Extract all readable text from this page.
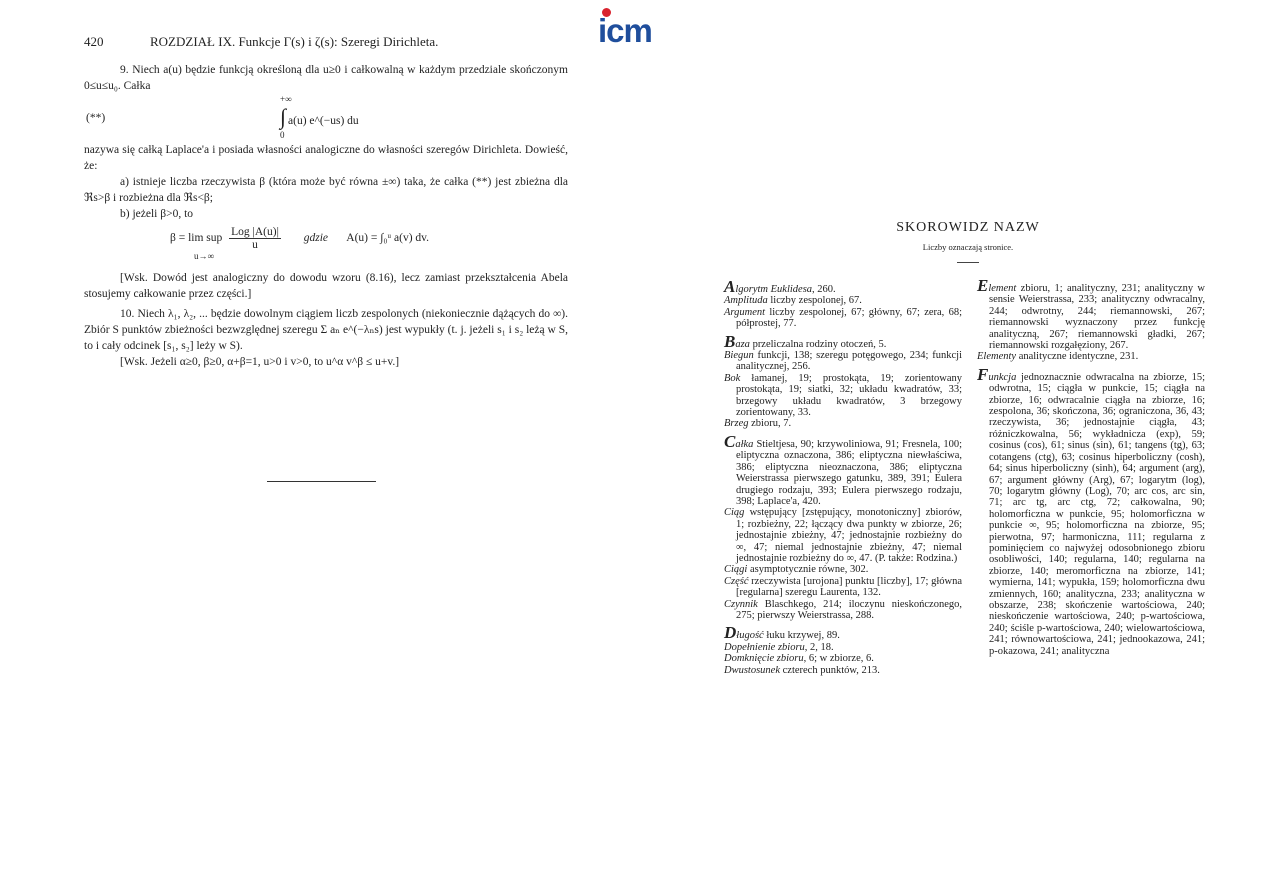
icm
420	ROZDZIAŁ IX. Funkcje Γ(s) i ζ(s): Szeregi Dirichleta.

9. Niech a(u) będzie funkcją określoną dla u≥0 i całkowalną w każdym przedziale skończonym 0≤u≤u₀. Całka

(**)
+∞
∫ a(u) e^(−us) du
0

nazywa się całką Laplace'a i posiada własności analogiczne do własności szeregów Dirichleta. Dowieść, że:

a) istnieje liczba rzeczywista β (która może być równa ±∞) taka, że całka (**) jest zbieżna dla ℜs>β i rozbieżna dla ℜs<β;

b) jeżeli β>0, to

β = lim sup $\frac{\text{Log |A(u)|}}{u}$ gdzie A(u) = ∫₀ᵘ a(v) dv.
u→∞

[Wsk. Dowód jest analogiczny do dowodu wzoru (8.16), lecz zamiast przekształcenia Abela stosujemy całkowanie przez części.]

10. Niech λ₁, λ₂, ... będzie dowolnym ciągiem liczb zespolonych (niekoniecznie dążących do ∞). Zbiór S punktów zbieżności bezwzględnej szeregu Σ aₙ e^(−λₙs) jest wypukły (t. j. jeżeli s₁ i s₂ leżą w S, to i cały odcinek [s₁, s₂] leży w S).

[Wsk. Jeżeli α≥0, β≥0, α+β=1, u>0 i v>0, to u^α v^β ≤ u+v.]

SKOROWIDZ NAZW
Liczby oznaczają stronice.
Algorytm Euklidesa, 260.
Amplituda liczby zespolonej, 67.
Argument liczby zespolonej, 67; główny, 67; zera, 68; półprostej, 77.
Baza przeliczalna rodziny otoczeń, 5.
Biegun funkcji, 138; szeregu potęgowego, 234; funkcji analitycznej, 256.
Bok łamanej, 19; prostokąta, 19; zorientowany prostokąta, 19; siatki, 32; układu kwadratów, 33; brzegowy układu kwadratów, 3 brzegowy zorientowany, 33.
Brzeg zbioru, 7.
Całka Stieltjesa, 90; krzywoliniowa, 91; Fresnela, 100; eliptyczna oznaczona, 386; eliptyczna niewłaściwa, 386; eliptyczna nieoznaczona, 386; eliptyczna Weierstrassa pierwszego gatunku, 389, 391; Eulera drugiego rodzaju, 393; Eulera pierwszego rodzaju, 398; Laplace'a, 420.
Ciąg wstępujący [zstępujący, monotoniczny] zbiorów, 1; rozbieżny, 22; łączący dwa punkty w zbiorze, 26; jednostajnie zbieżny, 47; jednostajnie rozbieżny do ∞, 47; niemal jednostajnie zbieżny, 47; niemal jednostajnie rozbieżny do ∞, 47. (P. także: Rodzina.)
Ciągi asymptotycznie równe, 302.
Część rzeczywista [urojona] punktu [liczby], 17; główna [regularna] szeregu Laurenta, 132.
Czynnik Blaschkego, 214; iloczynu nieskończonego, 275; pierwszy Weierstrassa, 288.
Długość łuku krzywej, 89.
Dopełnienie zbioru, 2, 18.
Domknięcie zbioru, 6; w zbiorze, 6.
Dwustosunek czterech punktów, 213.
Element zbioru, 1; analityczny, 231; analityczny w sensie Weierstrassa, 233; analityczny odwracalny, 244; odwrotny, 244; riemannowski, 267; riemannowski wyznaczony przez funkcję analityczną, 267; riemannowski gładki, 267; riemannowski rozgałęziony, 267.
Elementy analityczne identyczne, 231.
Funkcja jednoznacznie odwracalna na zbiorze, 15; odwrotna, 15; ciągła w punkcie, 15; ciągła na zbiorze, 16; odwracalnie ciągła na zbiorze, 16; zespolona, 36; skończona, 36; ograniczona, 36, 43; rzeczywista, 36; jednostajnie ciągła, 43; różniczkowalna, 56; wykładnicza (exp), 59; cosinus (cos), 61; sinus (sin), 61; tangens (tg), 63; cotangens (ctg), 63; cosinus hiperboliczny (cosh), 64; sinus hiperboliczny (sinh), 64; argument (arg), 67; argument główny (Arg), 67; logarytm (log), 70; logarytm główny (Log), 70; arc cos, arc sin, 71; arc tg, arc ctg, 72; całkowalna, 90; holomorficzna w punkcie, 95; holomorficzna w punkcie ∞, 95; holomorficzna na zbiorze, 95; pierwotna, 97; harmoniczna, 111; regularna z pominięciem co najwyżej odosobnionego zbioru osobliwości, 140; regularna, 140; regularna na zbiorze, 140; meromorficzna na zbiorze, 141; wymierna, 141; wypukła, 159; holomorficzna dwu zmiennych, 160; analityczna, 233; analityczna w obszarze, 238; skończenie wartościowa, 240; nieskończenie wartościowa, 240; p-wartościowa, 240; ściśle p-wartościowa, 240; wielowartościowa, 241; równowartościowa, 241; jednookazowa, 241; p-okazowa, 241; analityczna
